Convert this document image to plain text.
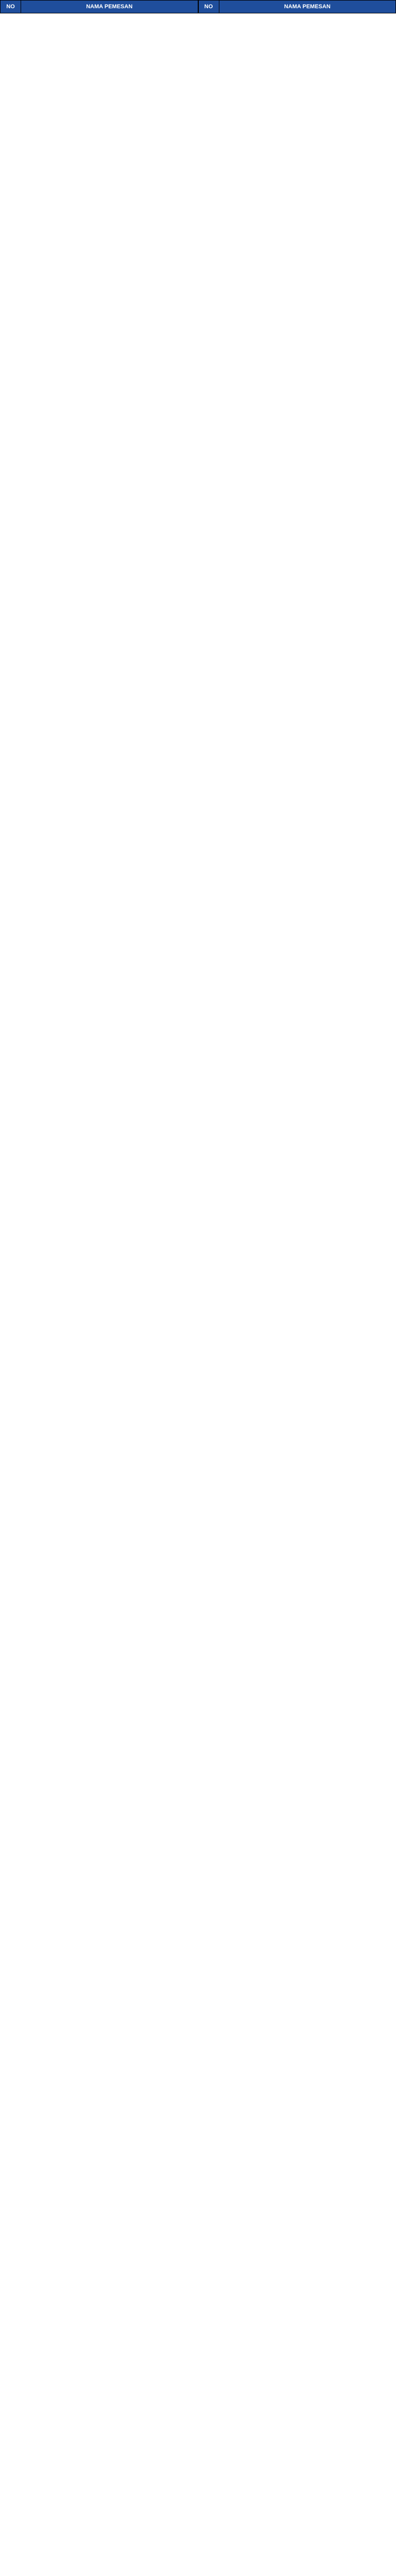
NO	NAMA PEMESAN	NO	NAMA PEMESAN
